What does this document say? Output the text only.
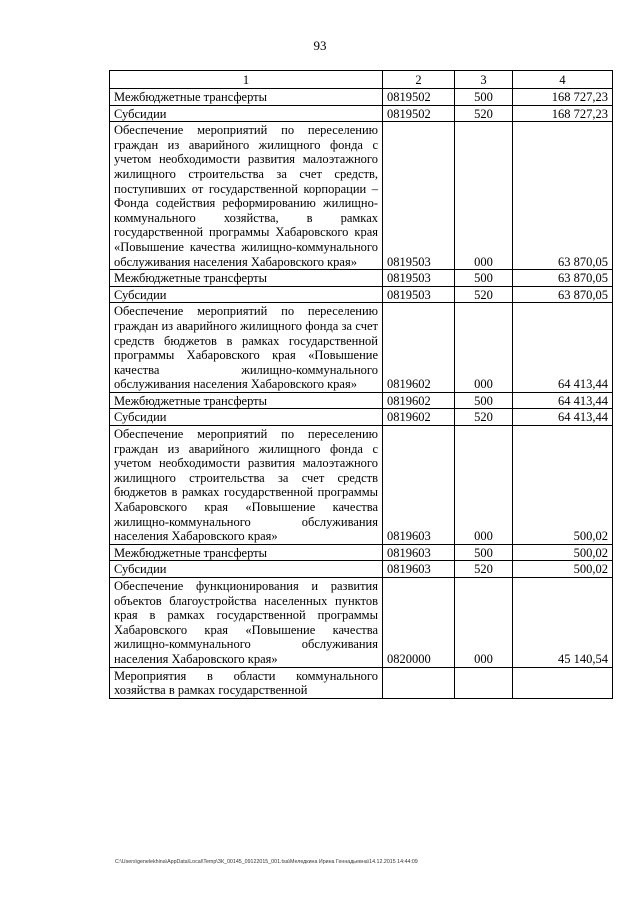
93
1	2	3	4
Межбюджетные трансферты	0819502	500	168 727,23
Субсидии	0819502	520	168 727,23
Обеспечение мероприятий по переселению граждан из аварийного жилищного фонда с учетом необходимости развития малоэтажного жилищного строительства за счет средств, поступивших от государственной корпорации – Фонда содействия реформированию жилищно-коммунального хозяйства, в рамках государственной программы Хабаровского края «Повышение качества жилищно-коммунального обслуживания населения Хабаровского края»	0819503	000	63 870,05
Межбюджетные трансферты	0819503	500	63 870,05
Субсидии	0819503	520	63 870,05
Обеспечение мероприятий по переселению граждан из аварийного жилищного фонда за счет средств бюджетов в рамках государственной программы Хабаровского края «Повышение качества жилищно-коммунального обслуживания населения Хабаровского края»	0819602	000	64 413,44
Межбюджетные трансферты	0819602	500	64 413,44
Субсидии	0819602	520	64 413,44
Обеспечение мероприятий по переселению граждан из аварийного жилищного фонда с учетом необходимости развития малоэтажного жилищного строительства за счет средств бюджетов в рамках государственной программы Хабаровского края «Повышение качества жилищно-коммунального обслуживания населения Хабаровского края»	0819603	000	500,02
Межбюджетные трансферты	0819603	500	500,02
Субсидии	0819603	520	500,02
Обеспечение функционирования и развития объектов благоустройства населенных пунктов края в рамках государственной программы Хабаровского края «Повышение качества жилищно-коммунального обслуживания населения Хабаровского края»	0820000	000	45 140,54
Мероприятия в области коммунального хозяйства в рамках государственной			
C:\Users\genelekhina\AppData\Local\Temp\ЗК_00145_09122015_001.tsa\Меледкина Ирина Геннадьевна\14.12.2015 14:44:09
